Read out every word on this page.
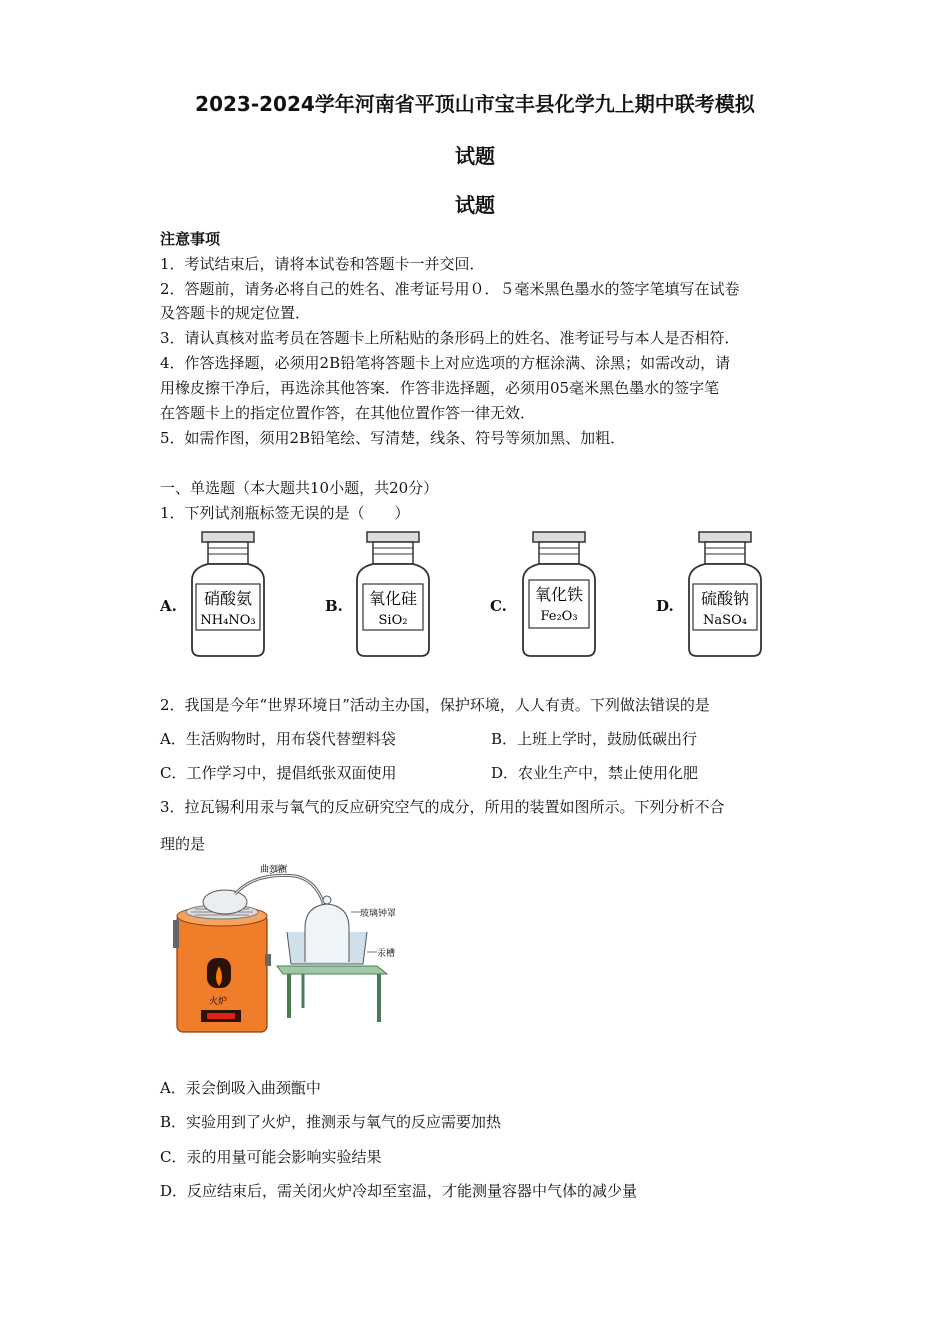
2023-2024学年河南省平顶山市宝丰县化学九上期中联考模拟
试题
试题
注意事项
1．考试结束后，请将本试卷和答题卡一并交回．
2．答题前，请务必将自己的姓名、准考证号用０．５毫米黑色墨水的签字笔填写在试卷
及答题卡的规定位置．
3．请认真核对监考员在答题卡上所粘贴的条形码上的姓名、准考证号与本人是否相符．
4．作答选择题，必须用2B铅笔将答题卡上对应选项的方框涂满、涂黑；如需改动，请
用橡皮擦干净后，再选涂其他答案．作答非选择题，必须用05毫米黑色墨水的签字笔
在答题卡上的指定位置作答，在其他位置作答一律无效．
5．如需作图，须用2B铅笔绘、写清楚，线条、符号等须加黑、加粗．
一、单选题（本大题共10小题，共20分）
1．下列试剂瓶标签无误的是（　　）
A. 硝酸氨
NH₄NO₃
B. 氧化硅
SiO₂
C.
氧化铁
Fe₂O₃
D. 硫酸钠
NaSO₄
2．我国是今年“世界环境日”活动主办国，保护环境，人人有责。下列做法错误的是
A．生活购物时，用布袋代替塑料袋	B．上班上学时，鼓励低碳出行
C．工作学习中，提倡纸张双面使用	D．农业生产中，禁止使用化肥
3．拉瓦锡利用汞与氧气的反应研究空气的成分，所用的装置如图所示。下列分析不合
理的是
火炉
曲颈甑
玻璃钟罩
汞槽
A．汞会倒吸入曲颈甑中
B．实验用到了火炉，推测汞与氧气的反应需要加热
C．汞的用量可能会影响实验结果
D．反应结束后，需关闭火炉冷却至室温，才能测量容器中气体的减少量
